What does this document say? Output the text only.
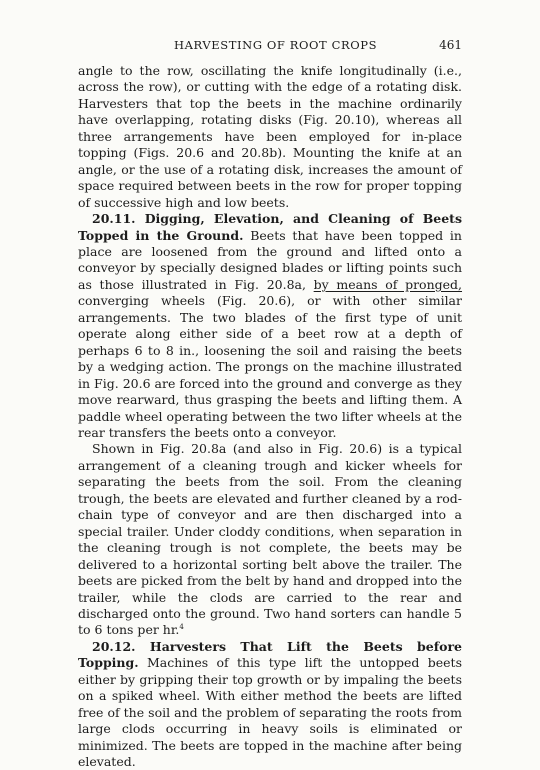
HARVESTING OF ROOT CROPS	461

angle to the row, oscillating the knife longitudinally (i.e., across the row), or cutting with the edge of a rotating disk. Harvesters that top the beets in the machine ordinarily have overlapping, rotating disks (Fig. 20.10), whereas all three arrangements have been employed for in-place topping (Figs. 20.6 and 20.8b). Mounting the knife at an angle, or the use of a rotating disk, increases the amount of space required between beets in the row for proper topping of successive high and low beets.

20.11. Digging, Elevation, and Cleaning of Beets Topped in the Ground. Beets that have been topped in place are loosened from the ground and lifted onto a conveyor by specially designed blades or lifting points such as those illustrated in Fig. 20.8a, by means of pronged, converging wheels (Fig. 20.6), or with other similar arrangements. The two blades of the first type of unit operate along either side of a beet row at a depth of perhaps 6 to 8 in., loosening the soil and raising the beets by a wedging action. The prongs on the machine illustrated in Fig. 20.6 are forced into the ground and converge as they move rearward, thus grasping the beets and lifting them. A paddle wheel operating between the two lifter wheels at the rear transfers the beets onto a conveyor.

Shown in Fig. 20.8a (and also in Fig. 20.6) is a typical arrangement of a cleaning trough and kicker wheels for separating the beets from the soil. From the cleaning trough, the beets are elevated and further cleaned by a rod-chain type of conveyor and are then discharged into a special trailer. Under cloddy conditions, when separation in the cleaning trough is not complete, the beets may be delivered to a horizontal sorting belt above the trailer. The beets are picked from the belt by hand and dropped into the trailer, while the clods are carried to the rear and discharged onto the ground. Two hand sorters can handle 5 to 6 tons per hr.$^4$

20.12. Harvesters That Lift the Beets before Topping. Machines of this type lift the untopped beets either by gripping their top growth or by impaling the beets on a spiked wheel. With either method the beets are lifted free of the soil and the problem of separating the roots from large clods occurring in heavy soils is eliminated or minimized. The beets are topped in the machine after being elevated.
